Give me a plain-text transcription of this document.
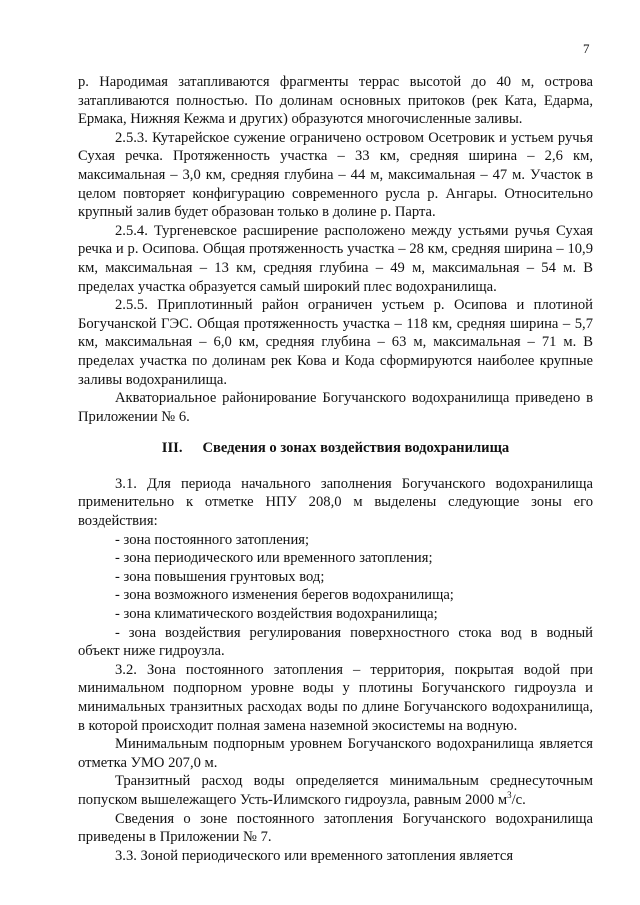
7

р. Народимая затапливаются фрагменты террас высотой до 40 м, острова затапливаются полностью. По долинам основных притоков (рек Ката, Едарма, Ермака, Нижняя Кежма и других) образуются многочисленные заливы.

2.5.3. Кутарейское сужение ограничено островом Осетровик и устьем ручья Сухая речка. Протяженность участка – 33 км, средняя ширина – 2,6 км, максимальная – 3,0 км, средняя глубина – 44 м, максимальная – 47 м. Участок в целом повторяет конфигурацию современного русла р. Ангары. Относительно крупный залив будет образован только в долине р. Парта.

2.5.4. Тургеневское расширение расположено между устьями ручья Сухая речка и р. Осипова. Общая протяженность участка – 28 км, средняя ширина – 10,9 км, максимальная – 13 км, средняя глубина – 49 м, максимальная – 54 м. В пределах участка образуется самый широкий плес водохранилища.

2.5.5. Приплотинный район ограничен устьем р. Осипова и плотиной Богучанской ГЭС. Общая протяженность участка – 118 км, средняя ширина – 5,7 км, максимальная – 6,0 км, средняя глубина – 63 м, максимальная – 71 м. В пределах участка по долинам рек Кова и Кода сформируются наиболее крупные заливы водохранилища.

Акваториальное районирование Богучанского водохранилища приведено в Приложении № 6.

III. Сведения о зонах воздействия водохранилища

3.1. Для периода начального заполнения Богучанского водохранилища применительно к отметке НПУ 208,0 м выделены следующие зоны его воздействия:

- зона постоянного затопления;

- зона периодического или временного затопления;

- зона повышения грунтовых вод;

- зона возможного изменения берегов водохранилища;

- зона климатического воздействия водохранилища;

- зона воздействия регулирования поверхностного стока вод в водный объект ниже гидроузла.

3.2. Зона постоянного затопления – территория, покрытая водой при минимальном подпорном уровне воды у плотины Богучанского гидроузла и минимальных транзитных расходах воды по длине Богучанского водохранилища, в которой происходит полная замена наземной экосистемы на водную.

Минимальным подпорным уровнем Богучанского водохранилища является отметка УМО 207,0 м.

Транзитный расход воды определяется минимальным среднесуточным попуском вышележащего Усть-Илимского гидроузла, равным 2000 $м^3/с$.

Сведения о зоне постоянного затопления Богучанского водохранилища приведены в Приложении № 7.

3.3. Зоной периодического или временного затопления является
